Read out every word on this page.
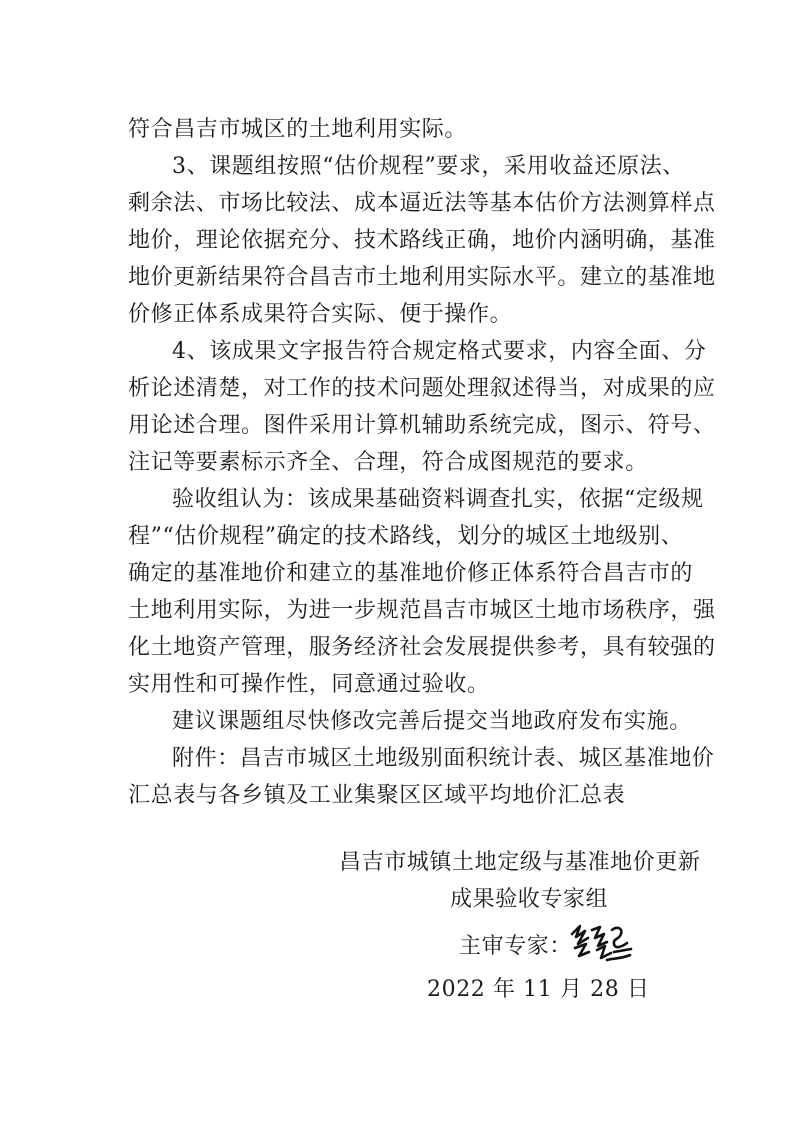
符合昌吉市城区的土地利用实际。
3、课题组按照“估价规程”要求，采用收益还原法、
剩余法、市场比较法、成本逼近法等基本估价方法测算样点
地价，理论依据充分、技术路线正确，地价内涵明确，基准
地价更新结果符合昌吉市土地利用实际水平。建立的基准地
价修正体系成果符合实际、便于操作。
4、该成果文字报告符合规定格式要求，内容全面、分
析论述清楚，对工作的技术问题处理叙述得当，对成果的应
用论述合理。图件采用计算机辅助系统完成，图示、符号、
注记等要素标示齐全、合理，符合成图规范的要求。
验收组认为：该成果基础资料调查扎实，依据“定级规
程”“估价规程”确定的技术路线，划分的城区土地级别、
确定的基准地价和建立的基准地价修正体系符合昌吉市的
土地利用实际，为进一步规范昌吉市城区土地市场秩序，强
化土地资产管理，服务经济社会发展提供参考，具有较强的
实用性和可操作性，同意通过验收。
建议课题组尽快修改完善后提交当地政府发布实施。
附件：昌吉市城区土地级别面积统计表、城区基准地价
汇总表与各乡镇及工业集聚区区域平均地价汇总表
昌吉市城镇土地定级与基准地价更新
成果验收专家组
主审专家：
2022 年 11 月 28 日
